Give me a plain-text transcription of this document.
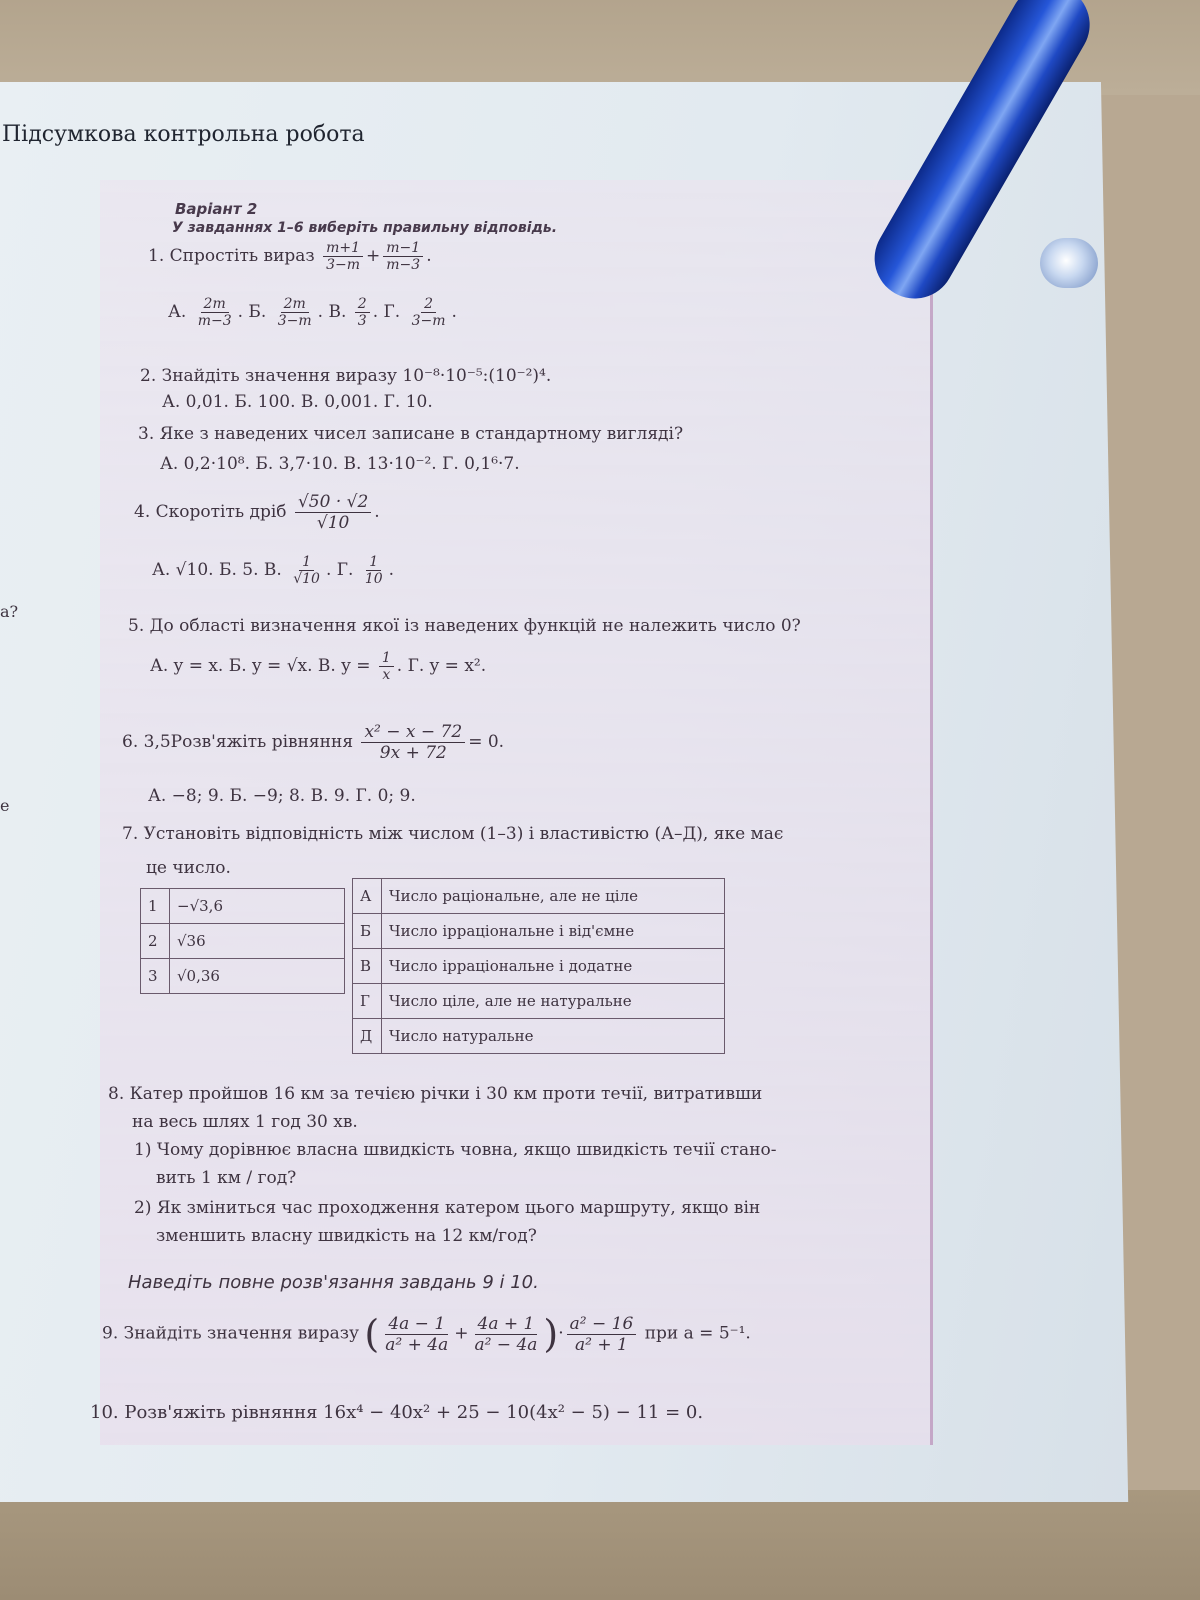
Підсумкова контрольна робота
а?
е
Варіант 2
У завданнях 1–6 виберіть правильну відповідь.
1. Спростіть вираз $\frac{m+1}{3-m} + \frac{m-1}{m-3}$ .
А. $\frac{2m}{m-3}$ . Б. $\frac{2m}{3-m}$ . В. $\frac{2}{3}$ . Г. $\frac{2}{3-m}$ .
2. Знайдіть значення виразу 10⁻⁸·10⁻⁵:(10⁻²)⁴.
А. 0,01. Б. 100. В. 0,001. Г. 10.
3. Яке з наведених чисел записане в стандартному вигляді?
А. 0,2·10⁸. Б. 3,7·10. В. 13·10⁻². Г. 0,1⁶·7.
4. Скоротіть дріб $\frac{√50 \cdot √2}{√10}$ .
А. √10. Б. 5. В. $\frac{1}{√10}$ . Г. $\frac{1}{10}$ .
5. До області визначення якої із наведених функцій не належить число 0?
А. y = x. Б. y = √x. В. $y = \frac{1}{x}$ . Г. y = x².
6. 3,5Розв'яжіть рівняння $\frac{\text{x² − x − 72}}{9x + 72} = 0$.
А. −8; 9. Б. −9; 8. В. 9. Г. 0; 9.
7. Установіть відповідність між числом (1–3) і властивістю (А–Д), яке має
це число.
1	−√3,6
2	√36
3	√0,36
А	Число раціональне, але не ціле
Б	Число ірраціональне і від'ємне
В	Число ірраціональне і додатне
Г	Число ціле, але не натуральне
Д	Число натуральне
8. Катер пройшов 16 км за течією річки і 30 км проти течії, витративши
на весь шлях 1 год 30 хв.
1) Чому дорівнює власна швидкість човна, якщо швидкість течії стано-
вить 1 км / год?
2) Як зміниться час проходження катером цього маршруту, якщо він
зменшить власну швидкість на 12 км/год?
Наведіть повне розв'язання завдань 9 і 10.
9. Знайдіть значення виразу ( $\frac{4a - 1}{\text{a² + 4a}} + \frac{4a + 1}{\text{a² − 4a}}$ )· $\frac{\text{a² − 16}}{\text{a² + 1}}$ при a = 5⁻¹.
10. Розв'яжіть рівняння 16x⁴ − 40x² + 25 − 10(4x² − 5) − 11 = 0.
